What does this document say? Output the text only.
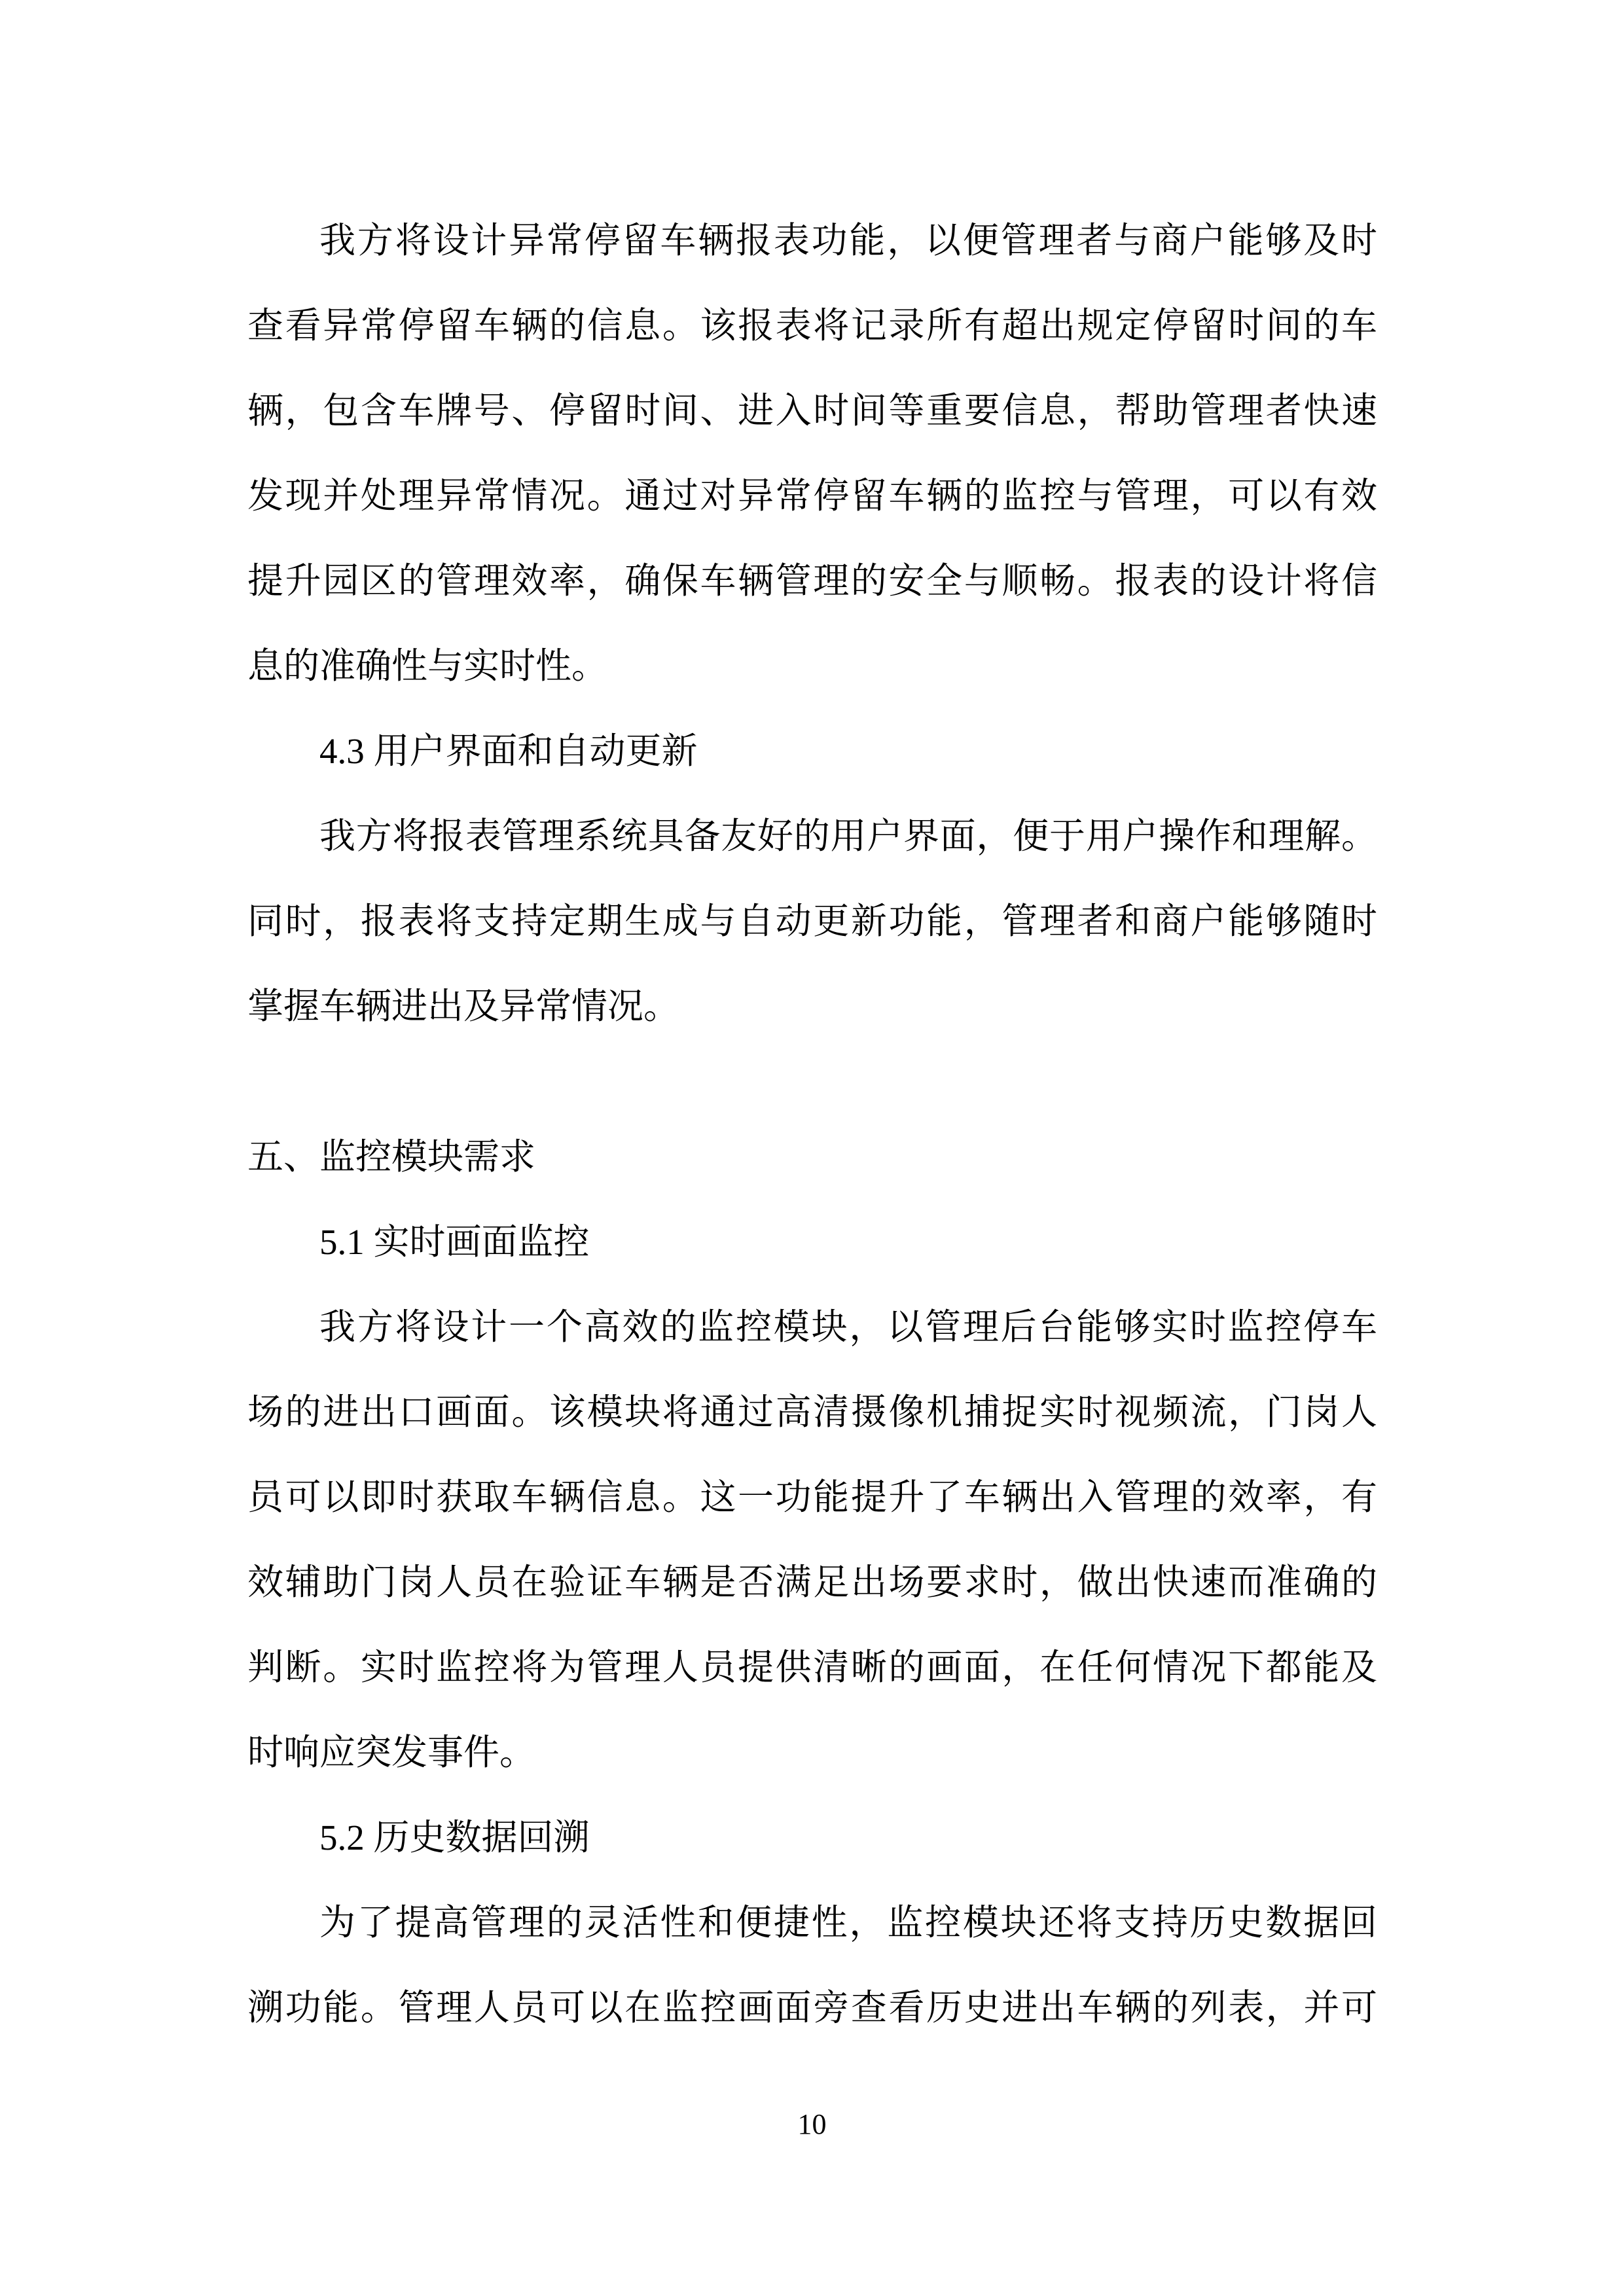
我方将设计异常停留车辆报表功能，以便管理者与商户能够及时
查看异常停留车辆的信息。该报表将记录所有超出规定停留时间的车
辆，包含车牌号、停留时间、进入时间等重要信息，帮助管理者快速
发现并处理异常情况。通过对异常停留车辆的监控与管理，可以有效
提升园区的管理效率，确保车辆管理的安全与顺畅。报表的设计将信
息的准确性与实时性。
4.3 用户界面和自动更新
我方将报表管理系统具备友好的用户界面，便于用户操作和理解。
同时，报表将支持定期生成与自动更新功能，管理者和商户能够随时
掌握车辆进出及异常情况。
五、监控模块需求
5.1 实时画面监控
我方将设计一个高效的监控模块，以管理后台能够实时监控停车
场的进出口画面。该模块将通过高清摄像机捕捉实时视频流，门岗人
员可以即时获取车辆信息。这一功能提升了车辆出入管理的效率，有
效辅助门岗人员在验证车辆是否满足出场要求时，做出快速而准确的
判断。实时监控将为管理人员提供清晰的画面，在任何情况下都能及
时响应突发事件。
5.2 历史数据回溯
为了提高管理的灵活性和便捷性，监控模块还将支持历史数据回
溯功能。管理人员可以在监控画面旁查看历史进出车辆的列表，并可
10
